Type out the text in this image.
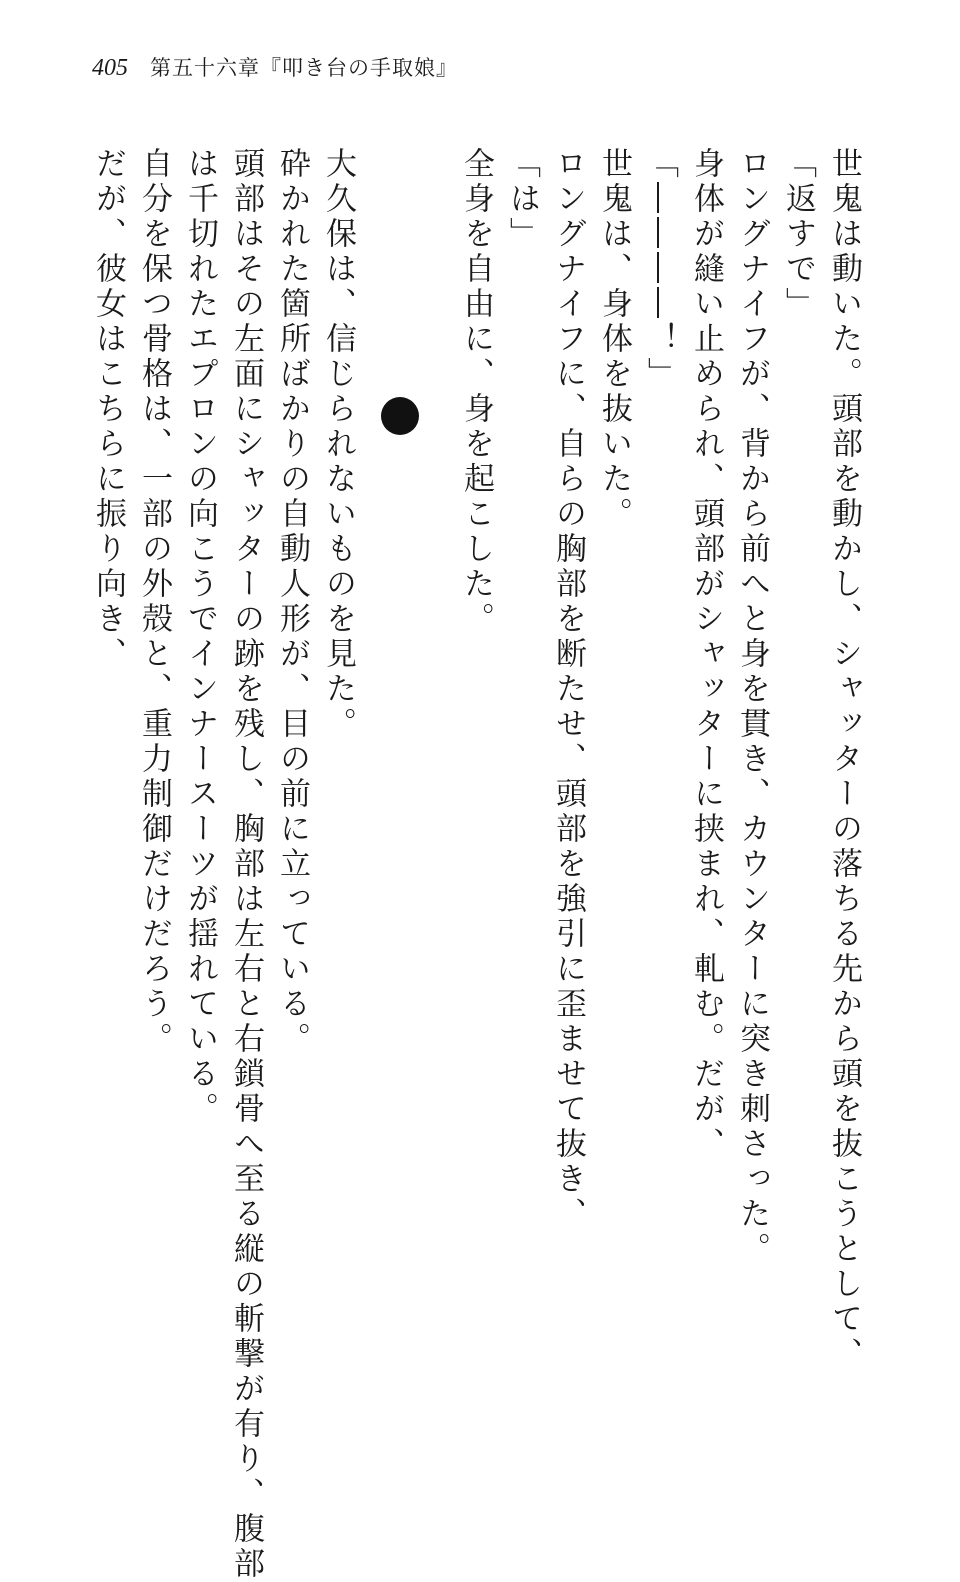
405 第五十六章『叩き台の手取娘』
世鬼は動いた。頭部を動かし、シャッターの落ちる先から頭を抜こうとして、
「返すで」
ロングナイフが、背から前へと身を貫き、カウンターに突き刺さった。
身体が縫い止められ、頭部がシャッターに挟まれ、軋む。だが、
「――――！」
世鬼は、身体を抜いた。
ロングナイフに、自らの胸部を断たせ、頭部を強引に歪ませて抜き、
「は」
全身を自由に、身を起こした。
大久保は、信じられないものを見た。
砕かれた箇所ばかりの自動人形が、目の前に立っている。
頭部はその左面にシャッターの跡を残し、胸部は左右と右鎖骨へ至る縦の斬撃が有り、腹部
は千切れたエプロンの向こうでインナースーツが揺れている。
自分を保つ骨格は、一部の外殻と、重力制御だけだろう。
だが、彼女はこちらに振り向き、
